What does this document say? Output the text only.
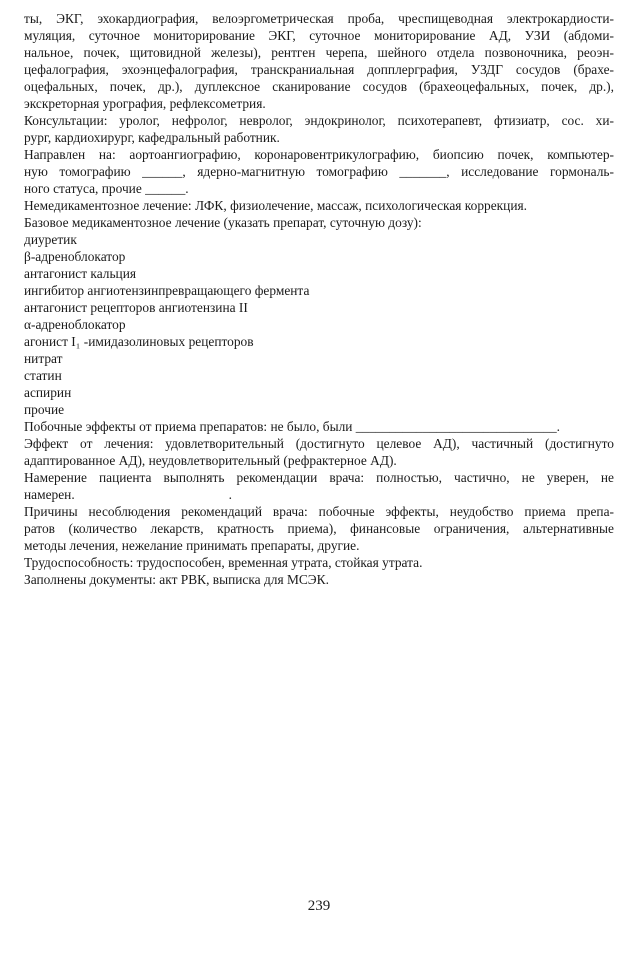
ты, ЭКГ, эхокардиография, велоэргометрическая проба, чреспищеводная электрокардиости-
муляция, суточное мониторирование ЭКГ, суточное мониторирование АД, УЗИ (абдоми-
нальное, почек, щитовидной железы), рентген черепа, шейного отдела позвоночника, реоэн-
цефалография, эхоэнцефалография, транскраниальная допплерграфия, УЗДГ сосудов (брахе-
оцефальных, почек, др.), дуплексное сканирование сосудов (брахеоцефальных, почек, др.),
экскреторная урография, рефлексометрия.
Консультации: уролог, нефролог, невролог, эндокринолог, психотерапевт, фтизиатр, сос. хи-
рург, кардиохирург, кафедральный работник.
Направлен на: аортоангиографию, коронаровентрикулографию, биопсию почек, компьютер-
ную томографию ______, ядерно-магнитную томографию _______, исследование гормональ-
ного статуса, прочие ______.
Немедикаментозное лечение: ЛФК, физиолечение, массаж, психологическая коррекция.
Базовое медикаментозное лечение (указать препарат, суточную дозу):

диуретик

β-адреноблокатор

антагонист кальция

ингибитор ангиотензинпревращающего фермента

антагонист рецепторов ангиотензина II

α-адреноблокатор

агонист I₁ -имидазолиновых рецепторов

нитрат

статин

аспирин

прочие

Побочные эффекты от приема препаратов: не было, были ______________________________.
Эффект от лечения: удовлетворительный (достигнуто целевое АД), частичный (достигнуто
адаптированное АД), неудовлетворительный (рефрактерное АД).
Намерение пациента выполнять рекомендации врача: полностью, частично, не уверен, не
намерен.                                              .
Причины несоблюдения рекомендаций врача: побочные эффекты, неудобство приема препа-
ратов (количество лекарств, кратность приема), финансовые ограничения, альтернативные
методы лечения, нежелание принимать препараты, другие.
Трудоспособность: трудоспособен, временная утрата, стойкая утрата.
Заполнены документы: акт РВК, выписка для МСЭК.
239
